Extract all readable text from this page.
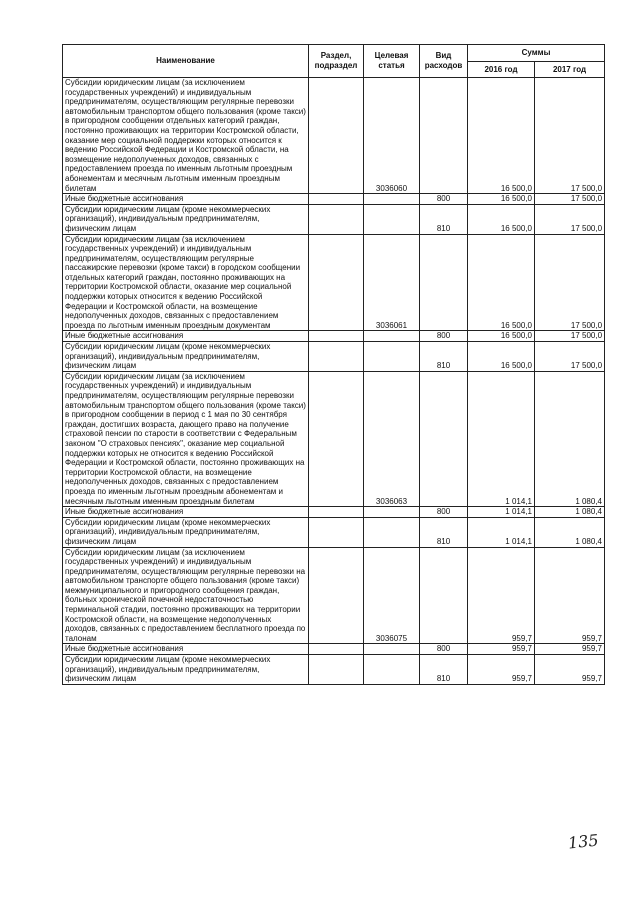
Наименование	Раздел, подраздел	Целевая статья	Вид расходов	Суммы	
				2016 год	2017 год
Субсидии юридическим лицам (за исключением государственных учреждений) и индивидуальным предпринимателям, осуществляющим регулярные перевозки автомобильным транспортом общего пользования (кроме такси) в пригородном сообщении отдельных категорий граждан, постоянно проживающих на территории Костромской области, оказание мер социальной поддержки которых относится к ведению Российской Федерации и Костромской области, на возмещение недополученных доходов, связанных с предоставлением проезда по именным льготным проездным абонементам и месячным льготным именным проездным билетам		3036060		16 500,0	17 500,0
Иные бюджетные ассигнования			800	16 500,0	17 500,0
Субсидии юридическим лицам (кроме некоммерческих организаций), индивидуальным предпринимателям, физическим лицам			810	16 500,0	17 500,0
Субсидии юридическим лицам (за исключением государственных учреждений) и индивидуальным предпринимателям, осуществляющим регулярные пассажирские перевозки (кроме такси) в городском сообщении отдельных категорий граждан, постоянно проживающих на территории Костромской области, оказание мер социальной поддержки которых относится к ведению Российской Федерации и Костромской области, на возмещение недополученных доходов, связанных с предоставлением проезда по льготным именным проездным документам		3036061		16 500,0	17 500,0
Иные бюджетные ассигнования			800	16 500,0	17 500,0
Субсидии юридическим лицам (кроме некоммерческих организаций), индивидуальным предпринимателям, физическим лицам			810	16 500,0	17 500,0
Субсидии юридическим лицам (за исключением государственных учреждений) и индивидуальным предпринимателям, осуществляющим регулярные перевозки автомобильным транспортом общего пользования (кроме такси) в пригородном сообщении в период с 1 мая по 30 сентября граждан, достигших возраста, дающего право на получение страховой пенсии по старости в соответствии с Федеральным законом "О страховых пенсиях", оказание мер социальной поддержки которых не относится к ведению Российской Федерации и Костромской области, постоянно проживающих на территории Костромской области, на возмещение недополученных доходов, связанных с предоставлением проезда по именным льготным проездным абонементам и месячным льготным именным проездным билетам		3036063		1 014,1	1 080,4
Иные бюджетные ассигнования			800	1 014,1	1 080,4
Субсидии юридическим лицам (кроме некоммерческих организаций), индивидуальным предпринимателям, физическим лицам			810	1 014,1	1 080,4
Субсидии юридическим лицам (за исключением государственных учреждений) и индивидуальным предпринимателям, осуществляющим регулярные перевозки на автомобильном транспорте общего пользования (кроме такси) межмуниципального и пригородного сообщения граждан, больных хронической почечной недостаточностью терминальной стадии, постоянно проживающих на территории Костромской области, на возмещение недополученных доходов, связанных с предоставлением бесплатного проезда по талонам		3036075		959,7	959,7
Иные бюджетные ассигнования			800	959,7	959,7
Субсидии юридическим лицам (кроме некоммерческих организаций), индивидуальным предпринимателям, физическим лицам			810	959,7	959,7
135
